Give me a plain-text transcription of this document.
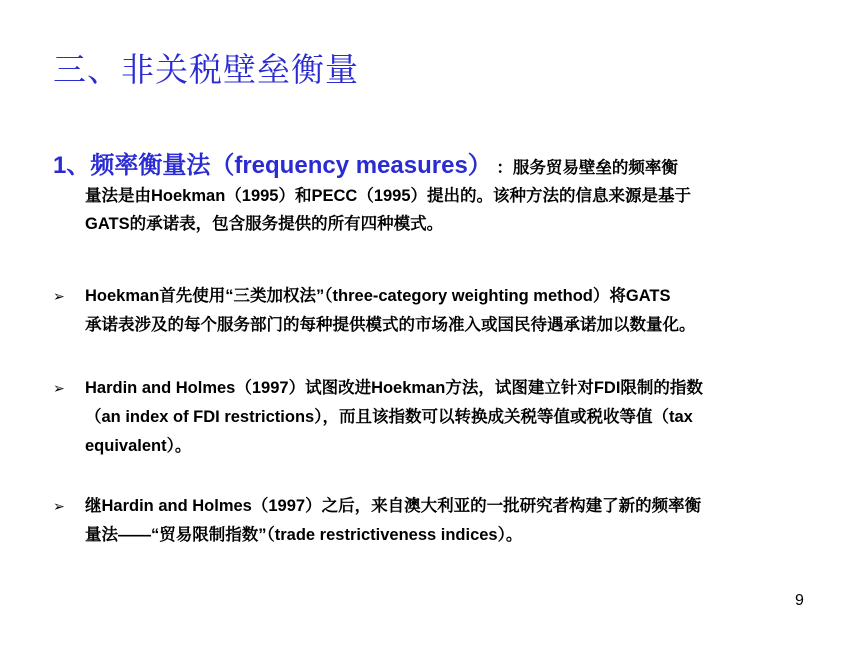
三、非关税壁垒衡量
1、频率衡量法（frequency measures） ：服务贸易壁垒的频率衡
量法是由Hoekman（1995）和PECC（1995）提出的。该种方法的信息来源是基于
GATS的承诺表，包含服务提供的所有四种模式。
➢	Hoekman首先使用“三类加权法”（three-category weighting method）将GATS
承诺表涉及的每个服务部门的每种提供模式的市场准入或国民待遇承诺加以数量化。
➢	Hardin and Holmes（1997）试图改进Hoekman方法，试图建立针对FDI限制的指数
（an index of FDI restrictions），而且该指数可以转换成关税等值或税收等值（tax
equivalent）。
➢	继Hardin and Holmes（1997）之后，来自澳大利亚的一批研究者构建了新的频率衡
量法——“贸易限制指数”（trade restrictiveness indices）。
9
